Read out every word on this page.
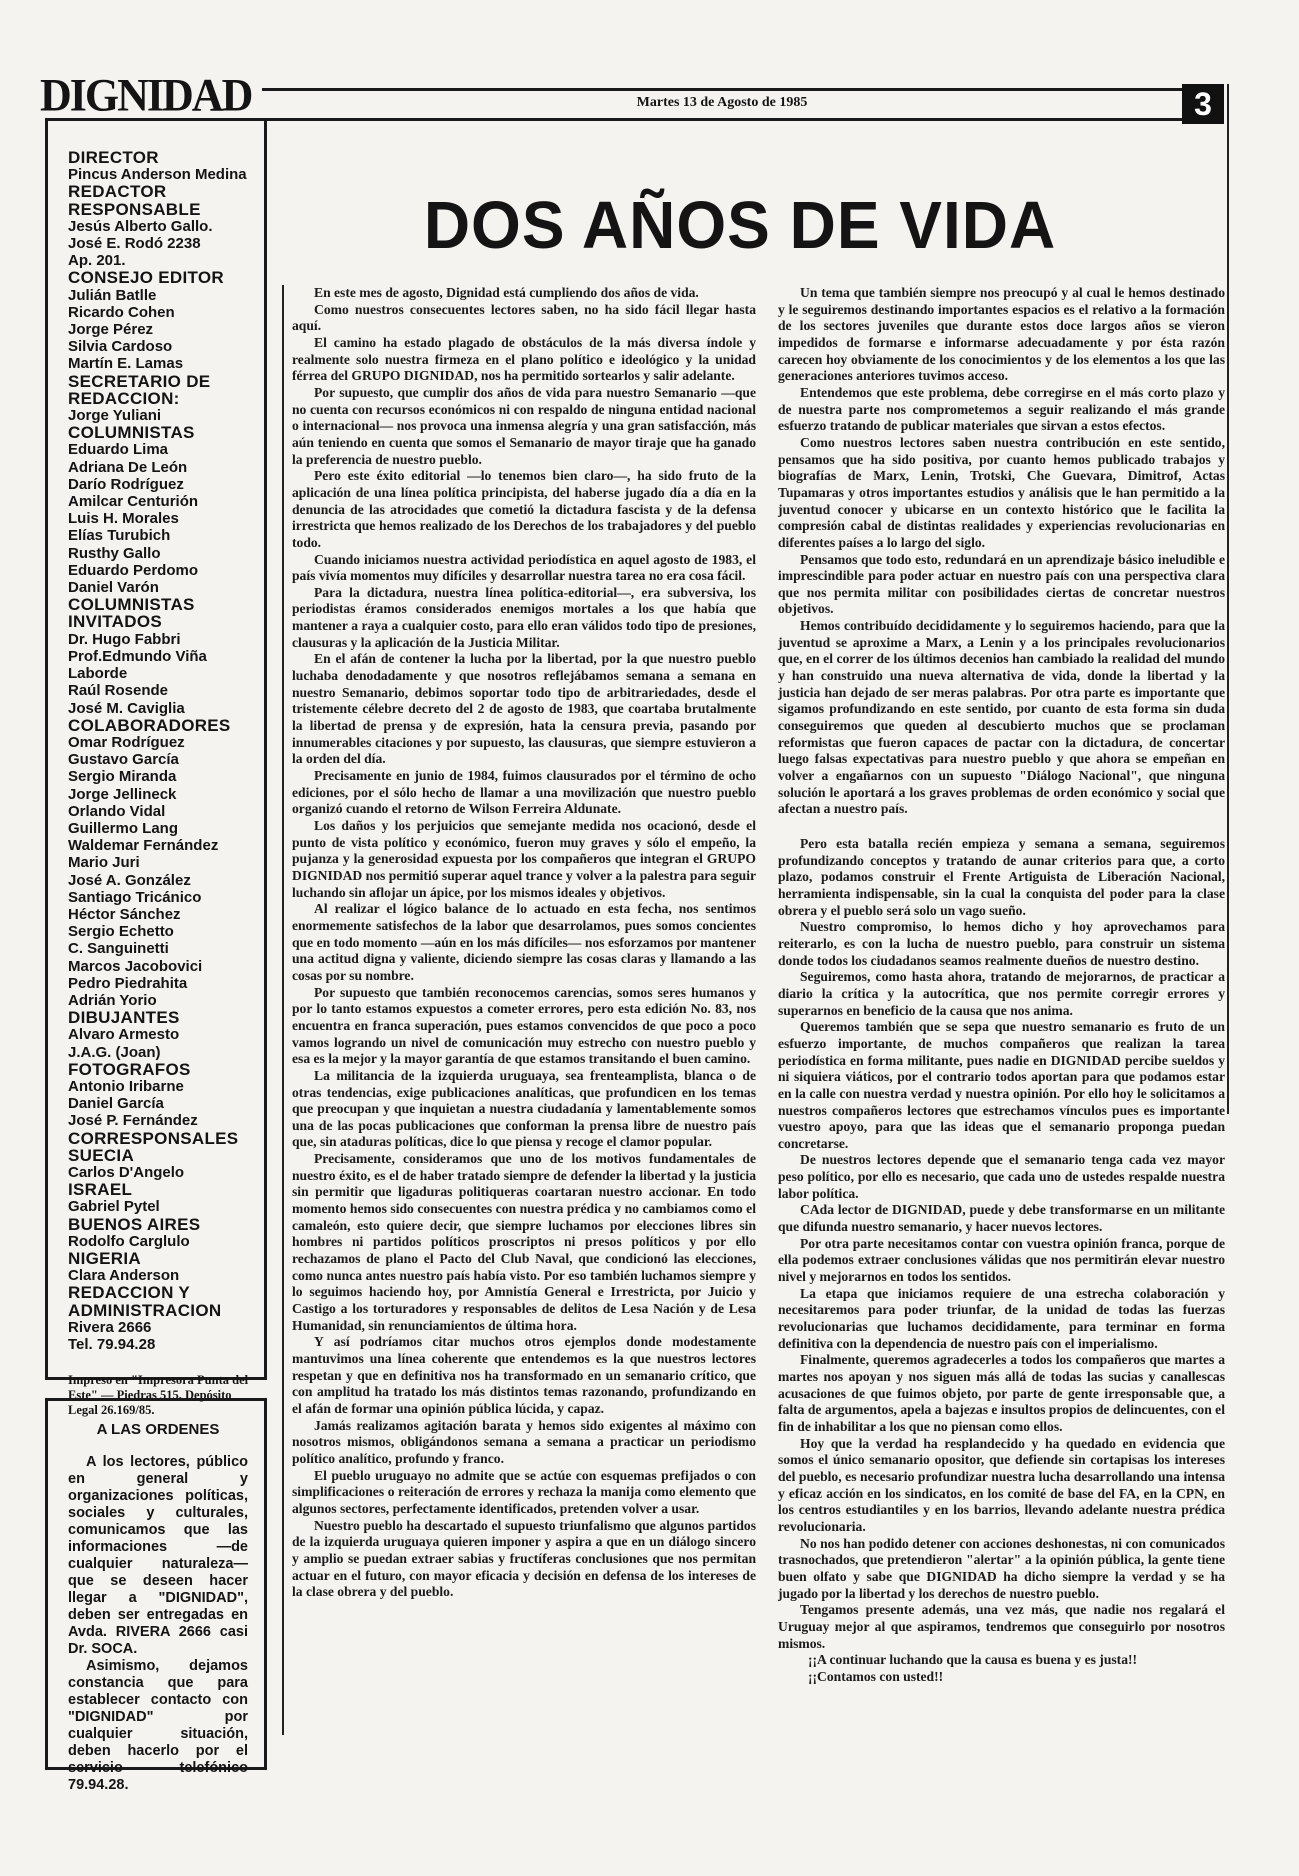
DIGNIDAD	Martes 13 de Agosto de 1985	3
DIRECTOR
Pincus Anderson Medina
REDACTOR RESPONSABLE
Jesús Alberto Gallo.
José E. Rodó 2238
Ap. 201.
CONSEJO EDITOR
Julián Batlle
Ricardo Cohen
Jorge Pérez
Silvia Cardoso
Martín E. Lamas
SECRETARIO DE REDACCION:
Jorge Yuliani
COLUMNISTAS
Eduardo Lima
Adriana De León
Darío Rodríguez
Amilcar Centurión
Luis H. Morales
Elías Turubich
Rusthy Gallo
Eduardo Perdomo
Daniel Varón
COLUMNISTAS INVITADOS
Dr. Hugo Fabbri
Prof.Edmundo Viña Laborde
Raúl Rosende
José M. Caviglia
COLABORADORES
Omar Rodríguez
Gustavo García
Sergio Miranda
Jorge Jellineck
Orlando Vidal
Guillermo Lang
Waldemar Fernández
Mario Juri
José A. González
Santiago Tricánico
Héctor Sánchez
Sergio Echetto
C. Sanguinetti
Marcos Jacobovici
Pedro Piedrahita
Adrián Yorio
DIBUJANTES
Alvaro Armesto
J.A.G. (Joan)
FOTOGRAFOS
Antonio Iribarne
Daniel García
José P. Fernández
CORRESPONSALES
SUECIA
Carlos D'Angelo
ISRAEL
Gabriel Pytel
BUENOS AIRES
Rodolfo Carglulo
NIGERIA
Clara Anderson
REDACCION Y ADMINISTRACION
Rivera 2666
Tel. 79.94.28
Impreso en "Impresora Punta del Este" — Piedras 515. Depósito Legal 26.169/85.
A LAS ORDENES

A los lectores, público en general y organizaciones políticas, sociales y culturales, comunicamos que las informaciones —de cualquier naturaleza— que se deseen hacer llegar a "DIGNIDAD", deben ser entregadas en Avda. RIVERA 2666 casi Dr. SOCA.

Asimismo, dejamos constancia que para establecer contacto con "DIGNIDAD" por cualquier situación, deben hacerlo por el servicio telefónico 79.94.28.

DOS AÑOS DE VIDA

En este mes de agosto, Dignidad está cumpliendo dos años de vida.

Como nuestros consecuentes lectores saben, no ha sido fácil llegar hasta aquí.

El camino ha estado plagado de obstáculos de la más diversa índole y realmente solo nuestra firmeza en el plano político e ideológico y la unidad férrea del GRUPO DIGNIDAD, nos ha permitido sortearlos y salir adelante.

Por supuesto, que cumplir dos años de vida para nuestro Semanario —que no cuenta con recursos económicos ni con respaldo de ninguna entidad nacional o internacional— nos provoca una inmensa alegría y una gran satisfacción, más aún teniendo en cuenta que somos el Semanario de mayor tiraje que ha ganado la preferencia de nuestro pueblo.

Pero este éxito editorial —lo tenemos bien claro—, ha sido fruto de la aplicación de una línea política principista, del haberse jugado día a día en la denuncia de las atrocidades que cometió la dictadura fascista y de la defensa irrestricta que hemos realizado de los Derechos de los trabajadores y del pueblo todo.

Cuando iniciamos nuestra actividad periodística en aquel agosto de 1983, el país vivía momentos muy difíciles y desarrollar nuestra tarea no era cosa fácil.

Para la dictadura, nuestra línea política-editorial—, era subversiva, los periodistas éramos considerados enemigos mortales a los que había que mantener a raya a cualquier costo, para ello eran válidos todo tipo de presiones, clausuras y la aplicación de la Justicia Militar.

En el afán de contener la lucha por la libertad, por la que nuestro pueblo luchaba denodadamente y que nosotros reflejábamos semana a semana en nuestro Semanario, debimos soportar todo tipo de arbitrariedades, desde el tristemente célebre decreto del 2 de agosto de 1983, que coartaba brutalmente la libertad de prensa y de expresión, hata la censura previa, pasando por innumerables citaciones y por supuesto, las clausuras, que siempre estuvieron a la orden del día.

Precisamente en junio de 1984, fuimos clausurados por el término de ocho ediciones, por el sólo hecho de llamar a una movilización que nuestro pueblo organizó cuando el retorno de Wilson Ferreira Aldunate.

Los daños y los perjuicios que semejante medida nos ocacionó, desde el punto de vista político y económico, fueron muy graves y sólo el empeño, la pujanza y la generosidad expuesta por los compañeros que integran el GRUPO DIGNIDAD nos permitió superar aquel trance y volver a la palestra para seguir luchando sin aflojar un ápice, por los mismos ideales y objetivos.

Al realizar el lógico balance de lo actuado en esta fecha, nos sentimos enormemente satisfechos de la labor que desarrolamos, pues somos concientes que en todo momento —aún en los más difíciles— nos esforzamos por mantener una actitud digna y valiente, diciendo siempre las cosas claras y llamando a las cosas por su nombre.

Por supuesto que también reconocemos carencias, somos seres humanos y por lo tanto estamos expuestos a cometer errores, pero esta edición No. 83, nos encuentra en franca superación, pues estamos convencidos de que poco a poco vamos logrando un nivel de comunicación muy estrecho con nuestro pueblo y esa es la mejor y la mayor garantía de que estamos transitando el buen camino.

La militancia de la izquierda uruguaya, sea frenteamplista, blanca o de otras tendencias, exige publicaciones analíticas, que profundicen en los temas que preocupan y que inquietan a nuestra ciudadanía y lamentablemente somos una de las pocas publicaciones que conforman la prensa libre de nuestro país que, sin ataduras políticas, dice lo que piensa y recoge el clamor popular.

Precisamente, consideramos que uno de los motivos fundamentales de nuestro éxito, es el de haber tratado siempre de defender la libertad y la justicia sin permitir que ligaduras politiqueras coartaran nuestro accionar. En todo momento hemos sido consecuentes con nuestra prédica y no cambiamos como el camaleón, esto quiere decir, que siempre luchamos por elecciones libres sin hombres ni partidos políticos proscriptos ni presos políticos y por ello rechazamos de plano el Pacto del Club Naval, que condicionó las elecciones, como nunca antes nuestro país había visto. Por eso también luchamos siempre y lo seguimos haciendo hoy, por Amnistía General e Irrestricta, por Juicio y Castigo a los torturadores y responsables de delitos de Lesa Nación y de Lesa Humanidad, sin renunciamientos de última hora.

Y así podríamos citar muchos otros ejemplos donde modestamente mantuvimos una línea coherente que entendemos es la que nuestros lectores respetan y que en definitiva nos ha transformado en un semanario crítico, que con amplitud ha tratado los más distintos temas razonando, profundizando en el afán de formar una opinión pública lúcida, y capaz.

Jamás realizamos agitación barata y hemos sido exigentes al máximo con nosotros mismos, obligándonos semana a semana a practicar un periodismo político analítico, profundo y franco.

El pueblo uruguayo no admite que se actúe con esquemas prefijados o con simplificaciones o reiteración de errores y rechaza la manija como elemento que algunos sectores, perfectamente identificados, pretenden volver a usar.

Nuestro pueblo ha descartado el supuesto triunfalismo que algunos partidos de la izquierda uruguaya quieren imponer y aspira a que en un diálogo sincero y amplio se puedan extraer sabias y fructíferas conclusiones que nos permitan actuar en el futuro, con mayor eficacia y decisión en defensa de los intereses de la clase obrera y del pueblo.

Un tema que también siempre nos preocupó y al cual le hemos destinado y le seguiremos destinando importantes espacios es el relativo a la formación de los sectores juveniles que durante estos doce largos años se vieron impedidos de formarse e informarse adecuadamente y por ésta razón carecen hoy obviamente de los conocimientos y de los elementos a los que las generaciones anteriores tuvimos acceso.

Entendemos que este problema, debe corregirse en el más corto plazo y de nuestra parte nos comprometemos a seguir realizando el más grande esfuerzo tratando de publicar materiales que sirvan a estos efectos.

Como nuestros lectores saben nuestra contribución en este sentido, pensamos que ha sido positiva, por cuanto hemos publicado trabajos y biografías de Marx, Lenin, Trotski, Che Guevara, Dimitrof, Actas Tupamaras y otros importantes estudios y análisis que le han permitido a la juventud conocer y ubicarse en un contexto histórico que le facilita la compresión cabal de distintas realidades y experiencias revolucionarias en diferentes países a lo largo del siglo.

Pensamos que todo esto, redundará en un aprendizaje básico ineludible e imprescindible para poder actuar en nuestro país con una perspectiva clara que nos permita militar con posibilidades ciertas de concretar nuestros objetivos.

Hemos contribuído decididamente y lo seguiremos haciendo, para que la juventud se aproxime a Marx, a Lenin y a los principales revolucionarios que, en el correr de los últimos decenios han cambiado la realidad del mundo y han construido una nueva alternativa de vida, donde la libertad y la justicia han dejado de ser meras palabras. Por otra parte es importante que sigamos profundizando en este sentido, por cuanto de esta forma sin duda conseguiremos que queden al descubierto muchos que se proclaman reformistas que fueron capaces de pactar con la dictadura, de concertar luego falsas expectativas para nuestro pueblo y que ahora se empeñan en volver a engañarnos con un supuesto "Diálogo Nacional", que ninguna solución le aportará a los graves problemas de orden económico y social que afectan a nuestro país.

Pero esta batalla recién empieza y semana a semana, seguiremos profundizando conceptos y tratando de aunar criterios para que, a corto plazo, podamos construir el Frente Artiguista de Liberación Nacional, herramienta indispensable, sin la cual la conquista del poder para la clase obrera y el pueblo será solo un vago sueño.

Nuestro compromiso, lo hemos dicho y hoy aprovechamos para reiterarlo, es con la lucha de nuestro pueblo, para construir un sistema donde todos los ciudadanos seamos realmente dueños de nuestro destino.

Seguiremos, como hasta ahora, tratando de mejorarnos, de practicar a diario la crítica y la autocrítica, que nos permite corregir errores y superarnos en beneficio de la causa que nos anima.

Queremos también que se sepa que nuestro semanario es fruto de un esfuerzo importante, de muchos compañeros que realizan la tarea periodística en forma militante, pues nadie en DIGNIDAD percibe sueldos y ni siquiera viáticos, por el contrario todos aportan para que podamos estar en la calle con nuestra verdad y nuestra opinión. Por ello hoy le solicitamos a nuestros compañeros lectores que estrechamos vínculos pues es importante vuestro apoyo, para que las ideas que el semanario proponga puedan concretarse.

De nuestros lectores depende que el semanario tenga cada vez mayor peso político, por ello es necesario, que cada uno de ustedes respalde nuestra labor política.

CAda lector de DIGNIDAD, puede y debe transformarse en un militante que difunda nuestro semanario, y hacer nuevos lectores.

Por otra parte necesitamos contar con vuestra opinión franca, porque de ella podemos extraer conclusiones válidas que nos permitirán elevar nuestro nivel y mejorarnos en todos los sentidos.

La etapa que iniciamos requiere de una estrecha colaboración y necesitaremos para poder triunfar, de la unidad de todas las fuerzas revolucionarias que luchamos decididamente, para terminar en forma definitiva con la dependencia de nuestro país con el imperialismo.

Finalmente, queremos agradecerles a todos los compañeros que martes a martes nos apoyan y nos siguen más allá de todas las sucias y canallescas acusaciones de que fuimos objeto, por parte de gente irresponsable que, a falta de argumentos, apela a bajezas e insultos propios de delincuentes, con el fin de inhabilitar a los que no piensan como ellos.

Hoy que la verdad ha resplandecido y ha quedado en evidencia que somos el único semanario opositor, que defiende sin cortapisas los intereses del pueblo, es necesario profundizar nuestra lucha desarrollando una intensa y eficaz acción en los sindicatos, en los comité de base del FA, en la CPN, en los centros estudiantiles y en los barrios, llevando adelante nuestra prédica revolucionaria.

No nos han podido detener con acciones deshonestas, ni con comunicados trasnochados, que pretendieron "alertar" a la opinión pública, la gente tiene buen olfato y sabe que DIGNIDAD ha dicho siempre la verdad y se ha jugado por la libertad y los derechos de nuestro pueblo.

Tengamos presente además, una vez más, que nadie nos regalará el Uruguay mejor al que aspiramos, tendremos que conseguirlo por nosotros mismos.

¡¡A continuar luchando que la causa es buena y es justa!!

¡¡Contamos con usted!!
